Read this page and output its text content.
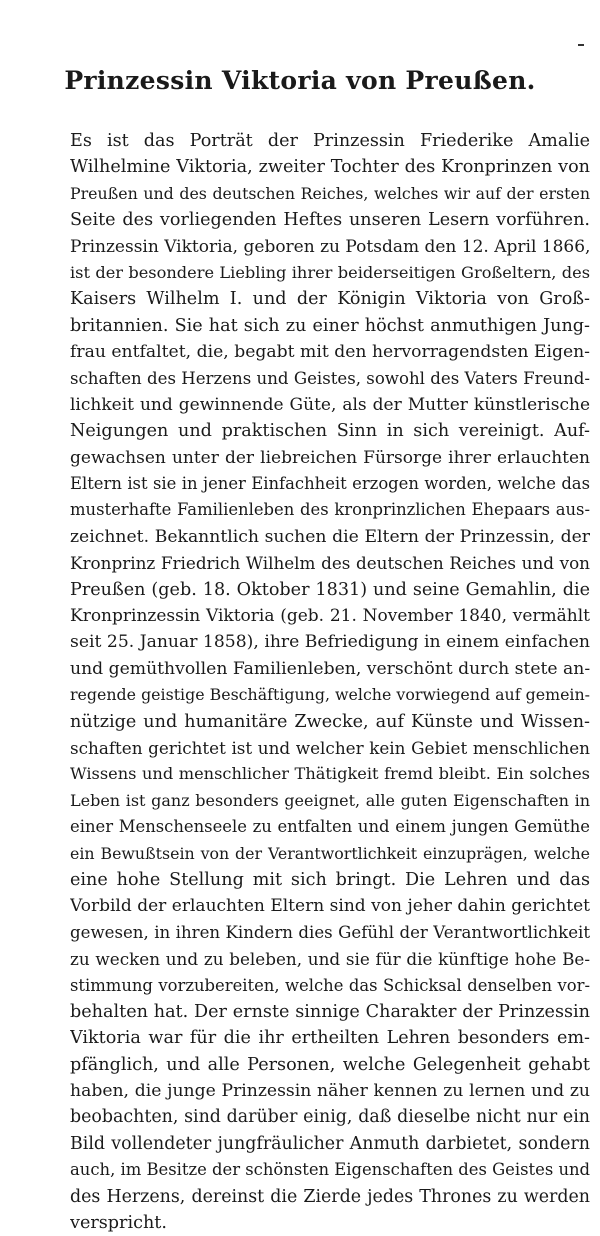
Prinzessin Viktoria von Preußen.
Es ist das Porträt der Prinzessin Friederike Amalie
Wilhelmine Viktoria, zweiter Tochter des Kronprinzen von
Preußen und des deutschen Reiches, welches wir auf der ersten
Seite des vorliegenden Heftes unseren Lesern vorführen.
Prinzessin Viktoria, geboren zu Potsdam den 12. April 1866,
ist der besondere Liebling ihrer beiderseitigen Großeltern, des
Kaisers Wilhelm I. und der Königin Viktoria von Groß-
britannien. Sie hat sich zu einer höchst anmuthigen Jung-
frau entfaltet, die, begabt mit den hervorragendsten Eigen-
schaften des Herzens und Geistes, sowohl des Vaters Freund-
lichkeit und gewinnende Güte, als der Mutter künstlerische
Neigungen und praktischen Sinn in sich vereinigt. Auf-
gewachsen unter der liebreichen Fürsorge ihrer erlauchten
Eltern ist sie in jener Einfachheit erzogen worden, welche das
musterhafte Familienleben des kronprinzlichen Ehepaars aus-
zeichnet. Bekanntlich suchen die Eltern der Prinzessin, der
Kronprinz Friedrich Wilhelm des deutschen Reiches und von
Preußen (geb. 18. Oktober 1831) und seine Gemahlin, die
Kronprinzessin Viktoria (geb. 21. November 1840, vermählt
seit 25. Januar 1858), ihre Befriedigung in einem einfachen
und gemüthvollen Familienleben, verschönt durch stete an-
regende geistige Beschäftigung, welche vorwiegend auf gemein-
nützige und humanitäre Zwecke, auf Künste und Wissen-
schaften gerichtet ist und welcher kein Gebiet menschlichen
Wissens und menschlicher Thätigkeit fremd bleibt. Ein solches
Leben ist ganz besonders geeignet, alle guten Eigenschaften in
einer Menschenseele zu entfalten und einem jungen Gemüthe
ein Bewußtsein von der Verantwortlichkeit einzuprägen, welche
eine hohe Stellung mit sich bringt. Die Lehren und das
Vorbild der erlauchten Eltern sind von jeher dahin gerichtet
gewesen, in ihren Kindern dies Gefühl der Verantwortlichkeit
zu wecken und zu beleben, und sie für die künftige hohe Be-
stimmung vorzubereiten, welche das Schicksal denselben vor-
behalten hat. Der ernste sinnige Charakter der Prinzessin
Viktoria war für die ihr ertheilten Lehren besonders em-
pfänglich, und alle Personen, welche Gelegenheit gehabt
haben, die junge Prinzessin näher kennen zu lernen und zu
beobachten, sind darüber einig, daß dieselbe nicht nur ein
Bild vollendeter jungfräulicher Anmuth darbietet, sondern
auch, im Besitze der schönsten Eigenschaften des Geistes und
des Herzens, dereinst die Zierde jedes Thrones zu werden
verspricht.
